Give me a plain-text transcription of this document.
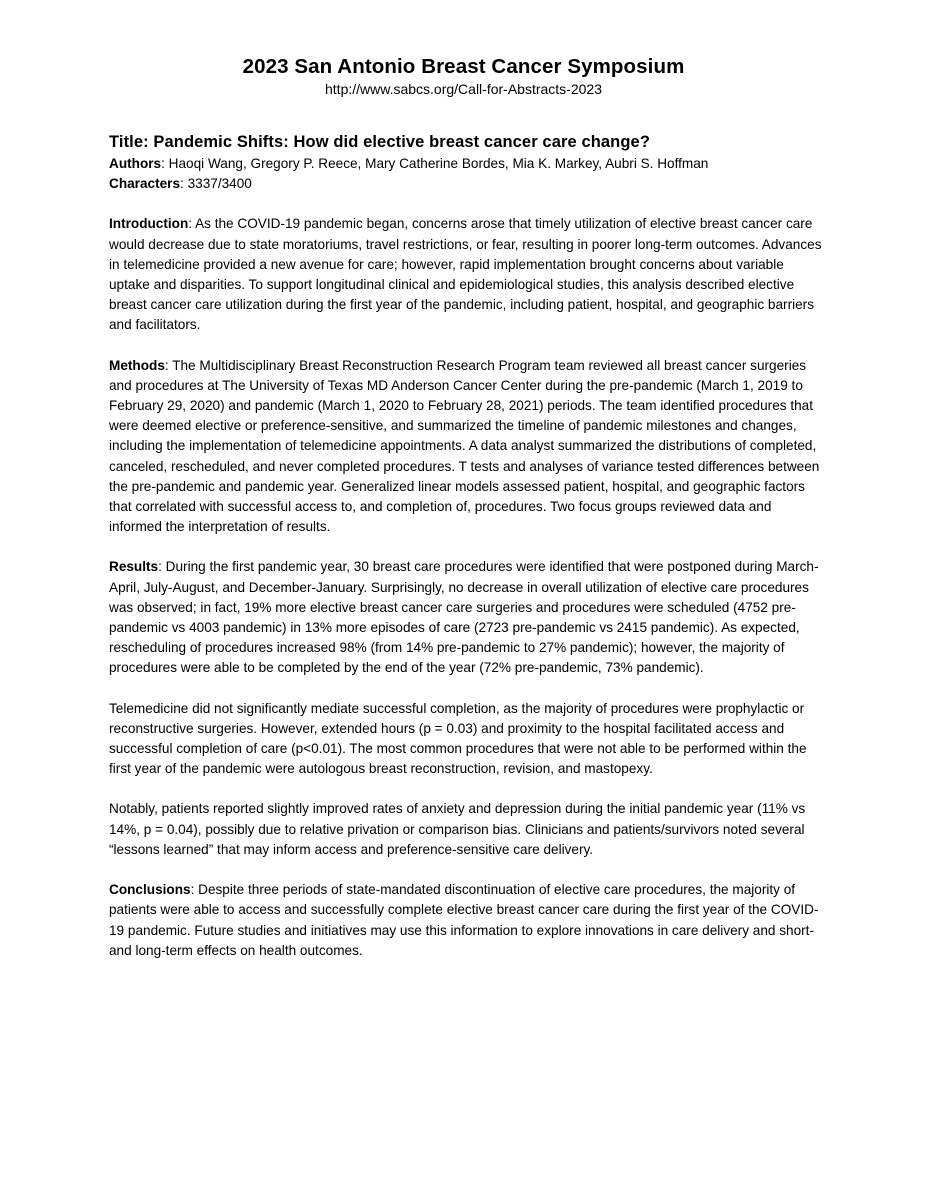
2023 San Antonio Breast Cancer Symposium

http://www.sabcs.org/Call-for-Abstracts-2023

Title: Pandemic Shifts: How did elective breast cancer care change?

Authors: Haoqi Wang, Gregory P. Reece, Mary Catherine Bordes, Mia K. Markey, Aubri S. Hoffman

Characters: 3337/3400

Introduction: As the COVID-19 pandemic began, concerns arose that timely utilization of elective breast cancer care would decrease due to state moratoriums, travel restrictions, or fear, resulting in poorer long-term outcomes. Advances in telemedicine provided a new avenue for care; however, rapid implementation brought concerns about variable uptake and disparities. To support longitudinal clinical and epidemiological studies, this analysis described elective breast cancer care utilization during the first year of the pandemic, including patient, hospital, and geographic barriers and facilitators.

Methods: The Multidisciplinary Breast Reconstruction Research Program team reviewed all breast cancer surgeries and procedures at The University of Texas MD Anderson Cancer Center during the pre-pandemic (March 1, 2019 to February 29, 2020) and pandemic (March 1, 2020 to February 28, 2021) periods. The team identified procedures that were deemed elective or preference-sensitive, and summarized the timeline of pandemic milestones and changes, including the implementation of telemedicine appointments. A data analyst summarized the distributions of completed, canceled, rescheduled, and never completed procedures. T tests and analyses of variance tested differences between the pre-pandemic and pandemic year. Generalized linear models assessed patient, hospital, and geographic factors that correlated with successful access to, and completion of, procedures. Two focus groups reviewed data and informed the interpretation of results.

Results: During the first pandemic year, 30 breast care procedures were identified that were postponed during March-April, July-August, and December-January. Surprisingly, no decrease in overall utilization of elective care procedures was observed; in fact, 19% more elective breast cancer care surgeries and procedures were scheduled (4752 pre-pandemic vs 4003 pandemic) in 13% more episodes of care (2723 pre-pandemic vs 2415 pandemic). As expected, rescheduling of procedures increased 98% (from 14% pre-pandemic to 27% pandemic); however, the majority of procedures were able to be completed by the end of the year (72% pre-pandemic, 73% pandemic).

Telemedicine did not significantly mediate successful completion, as the majority of procedures were prophylactic or reconstructive surgeries. However, extended hours (p = 0.03) and proximity to the hospital facilitated access and successful completion of care (p<0.01). The most common procedures that were not able to be performed within the first year of the pandemic were autologous breast reconstruction, revision, and mastopexy.

Notably, patients reported slightly improved rates of anxiety and depression during the initial pandemic year (11% vs 14%, p = 0.04), possibly due to relative privation or comparison bias. Clinicians and patients/survivors noted several “lessons learned” that may inform access and preference-sensitive care delivery.

Conclusions: Despite three periods of state-mandated discontinuation of elective care procedures, the majority of patients were able to access and successfully complete elective breast cancer care during the first year of the COVID-19 pandemic. Future studies and initiatives may use this information to explore innovations in care delivery and short- and long-term effects on health outcomes.
